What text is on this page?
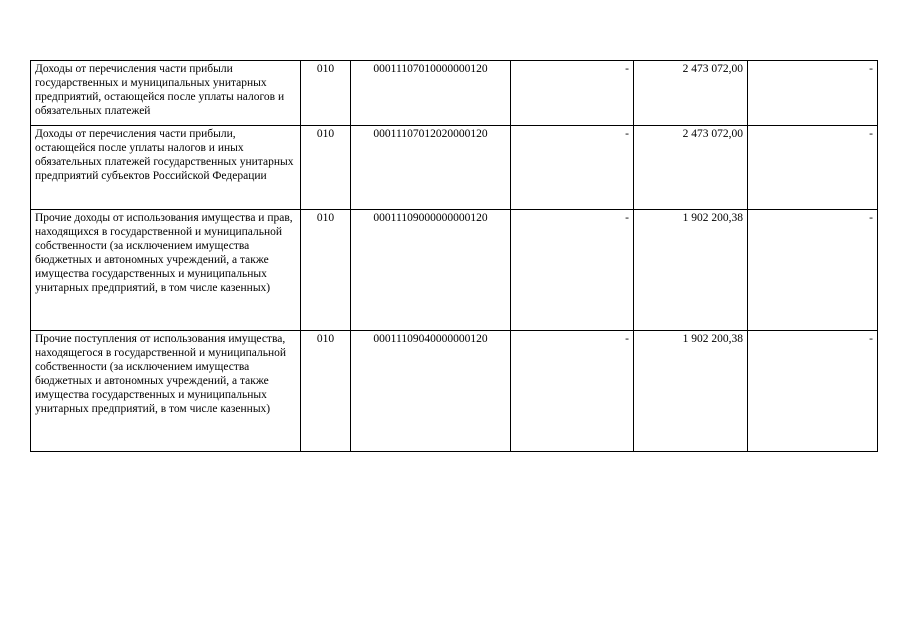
Доходы от перечисления части прибыли государственных и муниципальных унитарных предприятий, остающейся после уплаты налогов и обязательных платежей	010	00011107010000000120	-	2 473 072,00	-
Доходы от перечисления части прибыли, остающейся после уплаты налогов и иных обязательных платежей государственных унитарных предприятий субъектов Российской Федерации	010	00011107012020000120	-	2 473 072,00	-
Прочие доходы от использования имущества и прав, находящихся в государственной и муниципальной собственности (за исключением имущества бюджетных и автономных учреждений, а также имущества государственных и муниципальных унитарных предприятий, в том числе казенных)	010	00011109000000000120	-	1 902 200,38	-
Прочие поступления от использования имущества, находящегося в государственной и муниципальной собственности (за исключением имущества бюджетных и автономных учреждений, а также имущества государственных и муниципальных унитарных предприятий, в том числе казенных)	010	00011109040000000120	-	1 902 200,38	-
